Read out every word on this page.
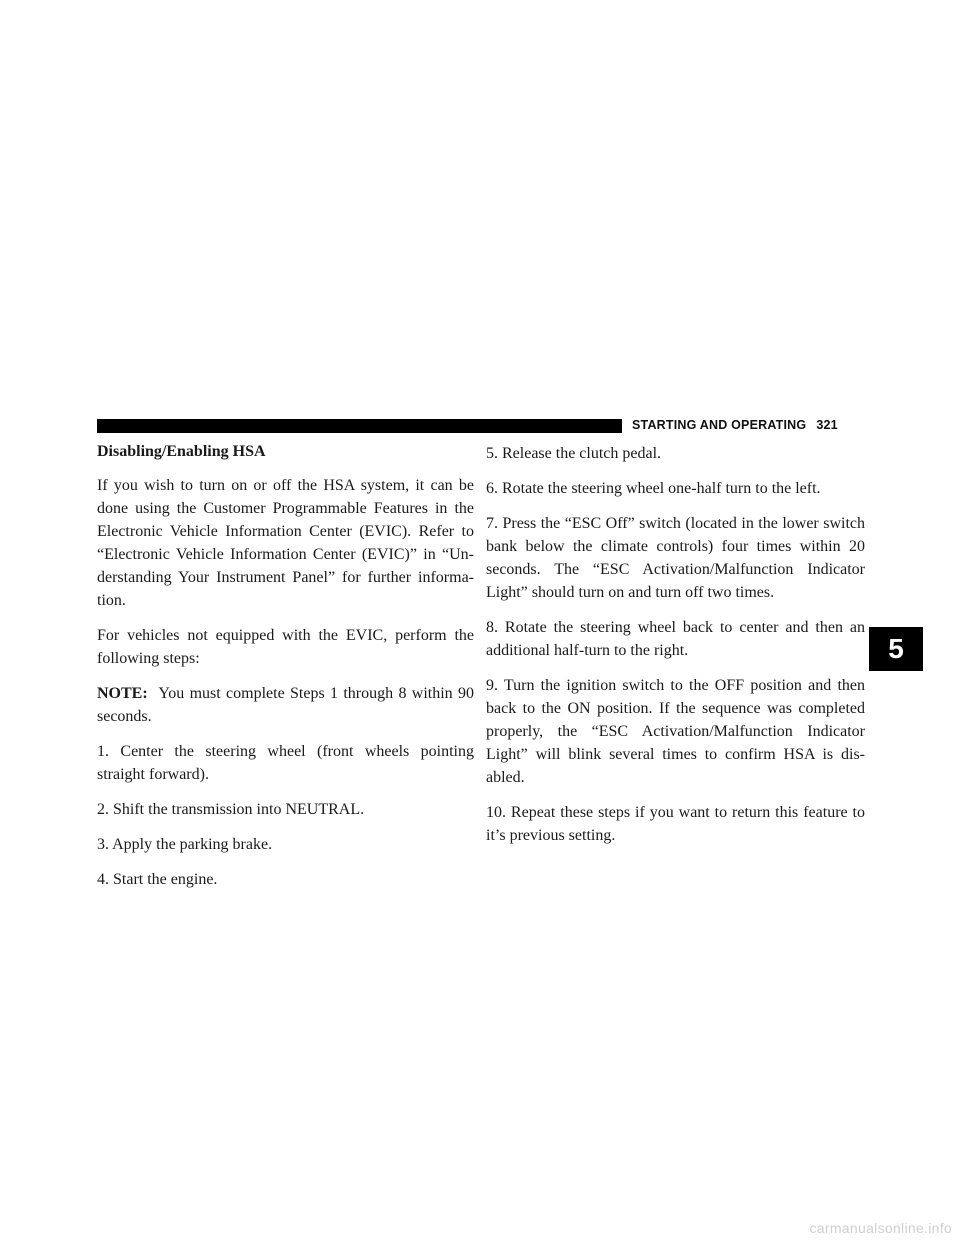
STARTING AND OPERATING 321

Disabling/Enabling HSA

If you wish to turn on or off the HSA system, it can be done using the Customer Programmable Features in the Electronic Vehicle Information Center (EVIC). Refer to “Electronic Vehicle Information Center (EVIC)” in “Un-derstanding Your Instrument Panel” for further informa-tion.

For vehicles not equipped with the EVIC, perform the following steps:

NOTE: You must complete Steps 1 through 8 within 90 seconds.

1. Center the steering wheel (front wheels pointing straight forward).

2. Shift the transmission into NEUTRAL.

3. Apply the parking brake.

4. Start the engine.

5. Release the clutch pedal.

6. Rotate the steering wheel one-half turn to the left.

7. Press the “ESC Off” switch (located in the lower switch bank below the climate controls) four times within 20 seconds. The “ESC Activation/Malfunction Indicator Light” should turn on and turn off two times.

8. Rotate the steering wheel back to center and then an additional half-turn to the right.

9. Turn the ignition switch to the OFF position and then back to the ON position. If the sequence was completed properly, the “ESC Activation/Malfunction Indicator Light” will blink several times to confirm HSA is dis-abled.

10. Repeat these steps if you want to return this feature to it’s previous setting.

5
carmanualsonline.info
